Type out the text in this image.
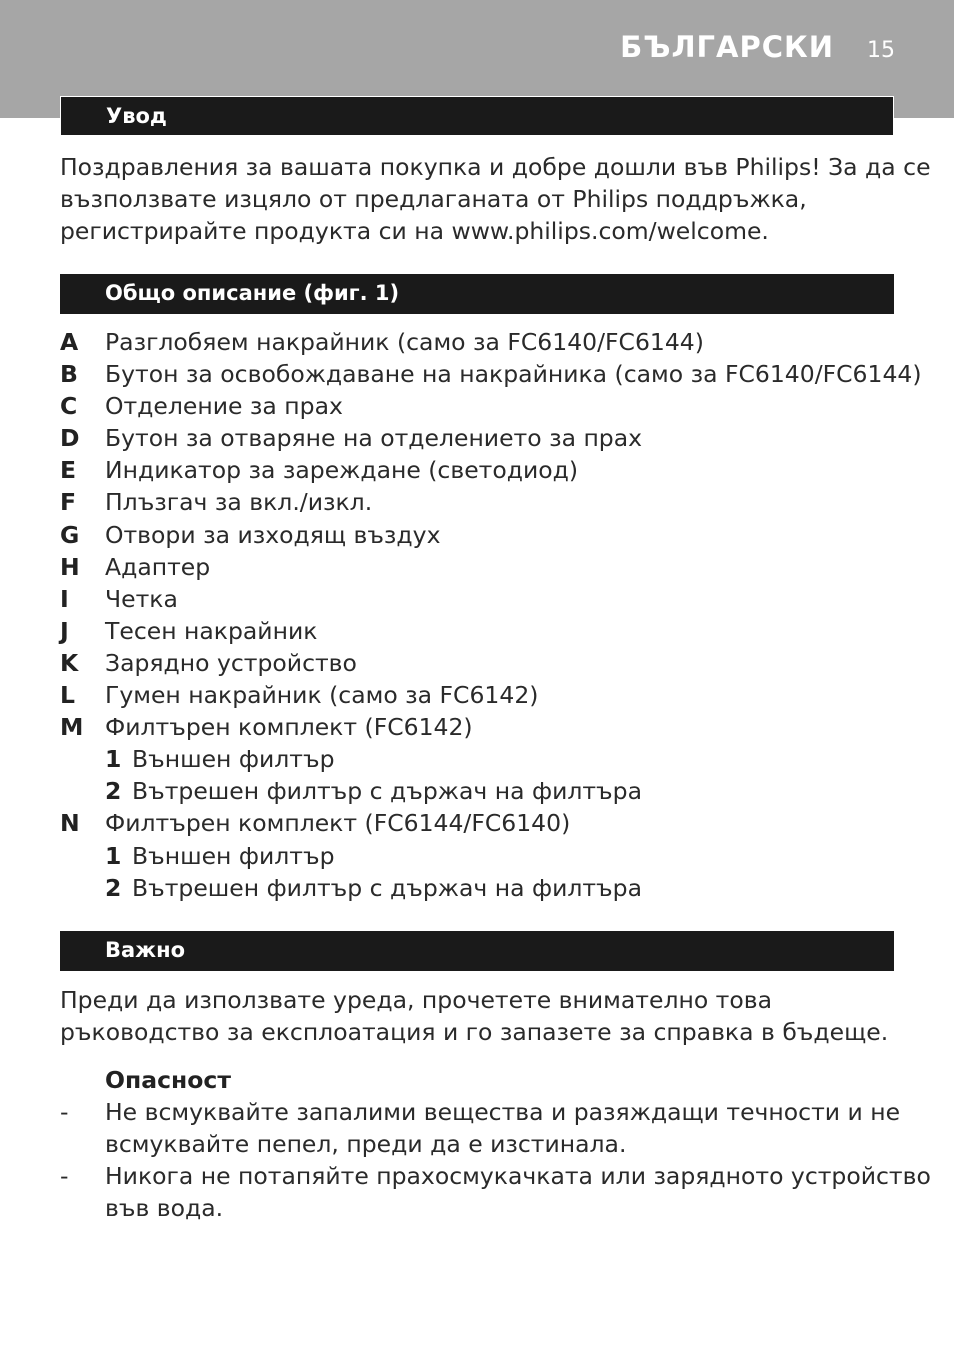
БЪЛГАРСКИ 15
Увод
Поздравления за вашата покупка и добре дошли във Philips! За да се
възползвате изцяло от предлаганата от Philips поддръжка,
регистрирайте продукта си на www.philips.com/welcome.
Общо описание (фиг. 1)
A Разглобяем накрайник (само за FC6140/FC6144)
B Бутон за освобождаване на накрайника (само за FC6140/FC6144)
C Отделение за прах
D Бутон за отваряне на отделението за прах
E Индикатор за зареждане (светодиод)
F Плъзгач за вкл./изкл.
G Отвори за изходящ въздух
H Адаптер
I Четка
J Тесен накрайник
K Зарядно устройство
L Гумен накрайник (само за FC6142)
M Филтърен комплект (FC6142)
1 Външен филтър
2 Вътрешен филтър с държач на филтъра
N Филтърен комплект (FC6144/FC6140)
1 Външен филтър
2 Вътрешен филтър с държач на филтъра
Важно
Преди да използвате уреда, прочетете внимателно това
ръководство за експлоатация и го запазете за справка в бъдеще.
Опасност
- Не всмуквайте запалими вещества и разяждащи течности и не
всмуквайте пепел, преди да е изстинала.
- Никога не потапяйте прахосмукачката или зарядното устройство
във вода.
